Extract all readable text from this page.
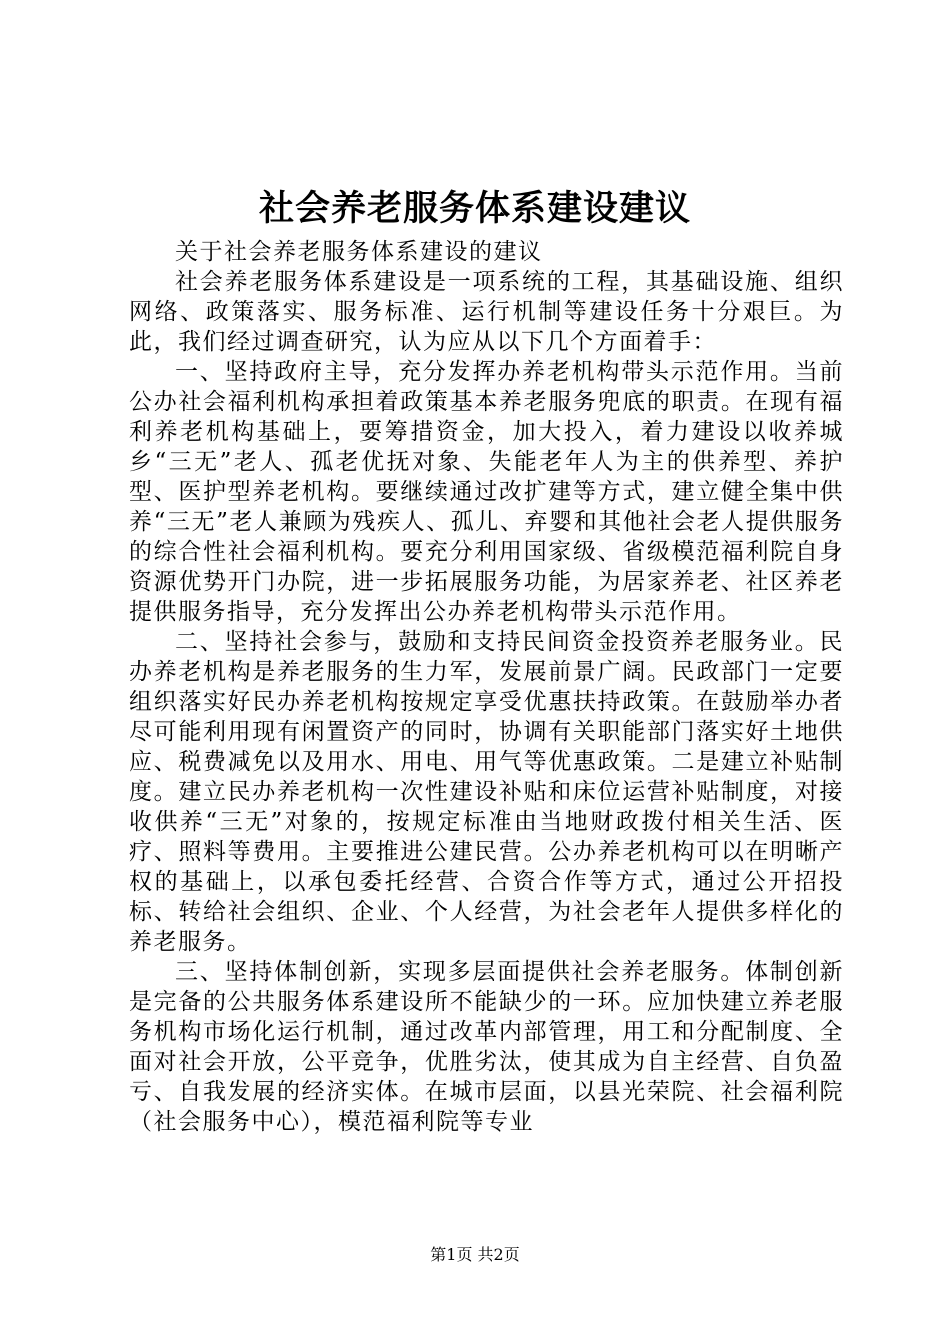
社会养老服务体系建设建议

关于社会养老服务体系建设的建议

社会养老服务体系建设是一项系统的工程，其基础设施、组织网络、政策落实、服务标准、运行机制等建设任务十分艰巨。为此，我们经过调查研究，认为应从以下几个方面着手：

一、坚持政府主导，充分发挥办养老机构带头示范作用。当前公办社会福利机构承担着政策基本养老服务兜底的职责。在现有福利养老机构基础上，要筹措资金，加大投入，着力建设以收养城乡“三无”老人、孤老优抚对象、失能老年人为主的供养型、养护型、医护型养老机构。要继续通过改扩建等方式，建立健全集中供养“三无”老人兼顾为残疾人、孤儿、弃婴和其他社会老人提供服务的综合性社会福利机构。要充分利用国家级、省级模范福利院自身资源优势开门办院，进一步拓展服务功能，为居家养老、社区养老提供服务指导，充分发挥出公办养老机构带头示范作用。

二、坚持社会参与，鼓励和支持民间资金投资养老服务业。民办养老机构是养老服务的生力军，发展前景广阔。民政部门一定要组织落实好民办养老机构按规定享受优惠扶持政策。在鼓励举办者尽可能利用现有闲置资产的同时，协调有关职能部门落实好土地供应、税费减免以及用水、用电、用气等优惠政策。二是建立补贴制度。建立民办养老机构一次性建设补贴和床位运营补贴制度，对接收供养“三无”对象的，按规定标准由当地财政拨付相关生活、医疗、照料等费用。主要推进公建民营。公办养老机构可以在明晰产权的基础上，以承包委托经营、合资合作等方式，通过公开招投标、转给社会组织、企业、个人经营，为社会老年人提供多样化的养老服务。

三、坚持体制创新，实现多层面提供社会养老服务。体制创新是完备的公共服务体系建设所不能缺少的一环。应加快建立养老服务机构市场化运行机制，通过改革内部管理，用工和分配制度、全面对社会开放，公平竞争，优胜劣汰，使其成为自主经营、自负盈亏、自我发展的经济实体。在城市层面，以县光荣院、社会福利院（社会服务中心），模范福利院等专业

第1页 共2页
